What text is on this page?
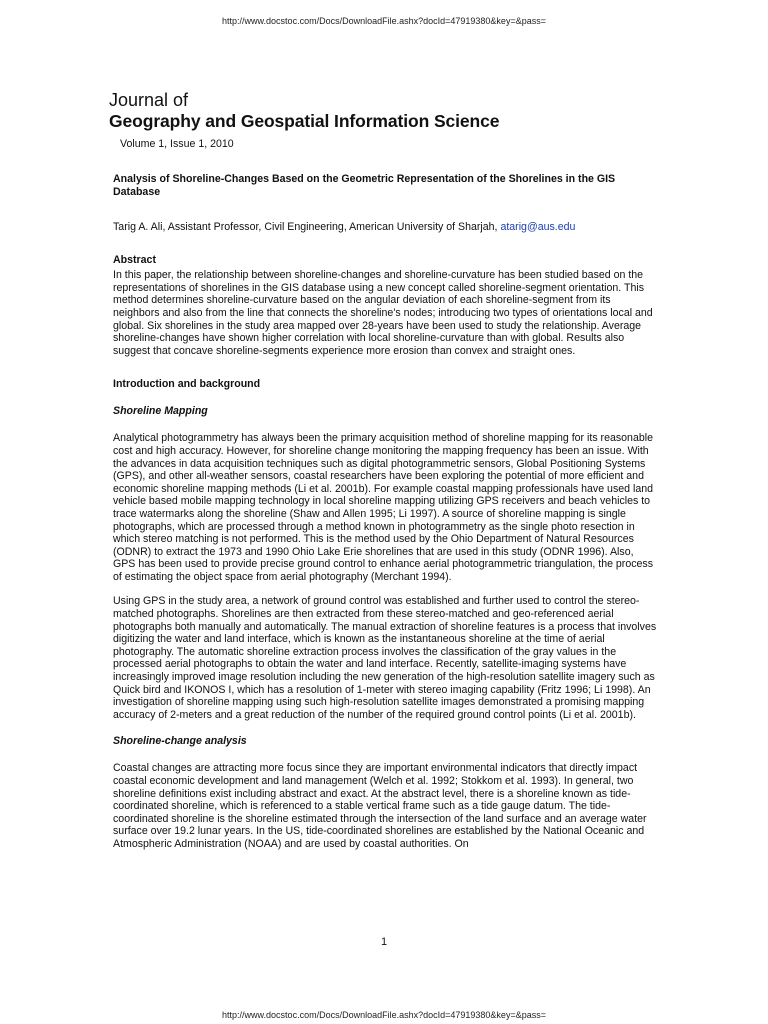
http://www.docstoc.com/Docs/DownloadFile.ashx?docId=47919380&key=&pass=
Journal of
Geography and Geospatial Information Science
Volume 1, Issue 1, 2010
Analysis of Shoreline-Changes Based on the Geometric Representation of the Shorelines in the GIS Database
Tarig A. Ali, Assistant Professor, Civil Engineering, American University of Sharjah, atarig@aus.edu
Abstract

In this paper, the relationship between shoreline-changes and shoreline-curvature has been studied based on the representations of shorelines in the GIS database using a new concept called shoreline-segment orientation. This method determines shoreline-curvature based on the angular deviation of each shoreline-segment from its neighbors and also from the line that connects the shoreline's nodes; introducing two types of orientations local and global. Six shorelines in the study area mapped over 28-years have been used to study the relationship. Average shoreline-changes have shown higher correlation with local shoreline-curvature than with global. Results also suggest that concave shoreline-segments experience more erosion than convex and straight ones.

Introduction and background
Shoreline Mapping

Analytical photogrammetry has always been the primary acquisition method of shoreline mapping for its reasonable cost and high accuracy. However, for shoreline change monitoring the mapping frequency has been an issue. With the advances in data acquisition techniques such as digital photogrammetric sensors, Global Positioning Systems (GPS), and other all-weather sensors, coastal researchers have been exploring the potential of more efficient and economic shoreline mapping methods (Li et al. 2001b). For example coastal mapping professionals have used land vehicle based mobile mapping technology in local shoreline mapping utilizing GPS receivers and beach vehicles to trace watermarks along the shoreline (Shaw and Allen 1995; Li 1997). A source of shoreline mapping is single photographs, which are processed through a method known in photogrammetry as the single photo resection in which stereo matching is not performed. This is the method used by the Ohio Department of Natural Resources (ODNR) to extract the 1973 and 1990 Ohio Lake Erie shorelines that are used in this study (ODNR 1996). Also, GPS has been used to provide precise ground control to enhance aerial photogrammetric triangulation, the process of estimating the object space from aerial photography (Merchant 1994).

Using GPS in the study area, a network of ground control was established and further used to control the stereo-matched photographs. Shorelines are then extracted from these stereo-matched and geo-referenced aerial photographs both manually and automatically. The manual extraction of shoreline features is a process that involves digitizing the water and land interface, which is known as the instantaneous shoreline at the time of aerial photography. The automatic shoreline extraction process involves the classification of the gray values in the processed aerial photographs to obtain the water and land interface. Recently, satellite-imaging systems have increasingly improved image resolution including the new generation of the high-resolution satellite imagery such as Quick bird and IKONOS I, which has a resolution of 1-meter with stereo imaging capability (Fritz 1996; Li 1998). An investigation of shoreline mapping using such high-resolution satellite images demonstrated a promising mapping accuracy of 2-meters and a great reduction of the number of the required ground control points (Li et al. 2001b).

Shoreline-change analysis

Coastal changes are attracting more focus since they are important environmental indicators that directly impact coastal economic development and land management (Welch et al. 1992; Stokkom et al. 1993). In general, two shoreline definitions exist including abstract and exact. At the abstract level, there is a shoreline known as tide-coordinated shoreline, which is referenced to a stable vertical frame such as a tide gauge datum. The tide-coordinated shoreline is the shoreline estimated through the intersection of the land surface and an average water surface over 19.2 lunar years. In the US, tide-coordinated shorelines are established by the National Oceanic and Atmospheric Administration (NOAA) and are used by coastal authorities. On

1
http://www.docstoc.com/Docs/DownloadFile.ashx?docId=47919380&key=&pass=
